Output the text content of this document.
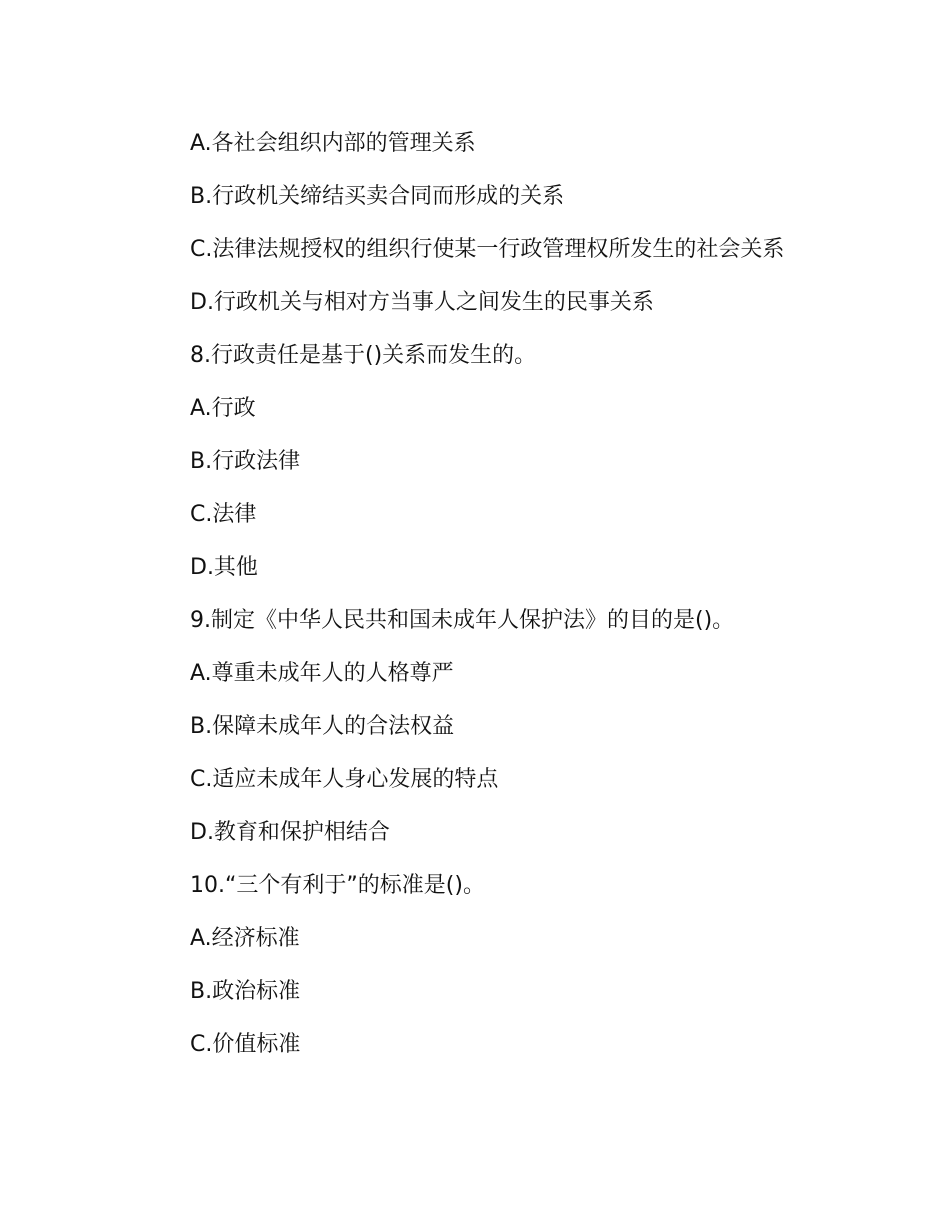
A.各社会组织内部的管理关系

B.行政机关缔结买卖合同而形成的关系

C.法律法规授权的组织行使某一行政管理权所发生的社会关系

D.行政机关与相对方当事人之间发生的民事关系

8.行政责任是基于()关系而发生的。

A.行政

B.行政法律

C.法律

D.其他

9.制定《中华人民共和国未成年人保护法》的目的是()。

A.尊重未成年人的人格尊严

B.保障未成年人的合法权益

C.适应未成年人身心发展的特点

D.教育和保护相结合

10.“三个有利于”的标准是()。

A.经济标准

B.政治标准

C.价值标准
